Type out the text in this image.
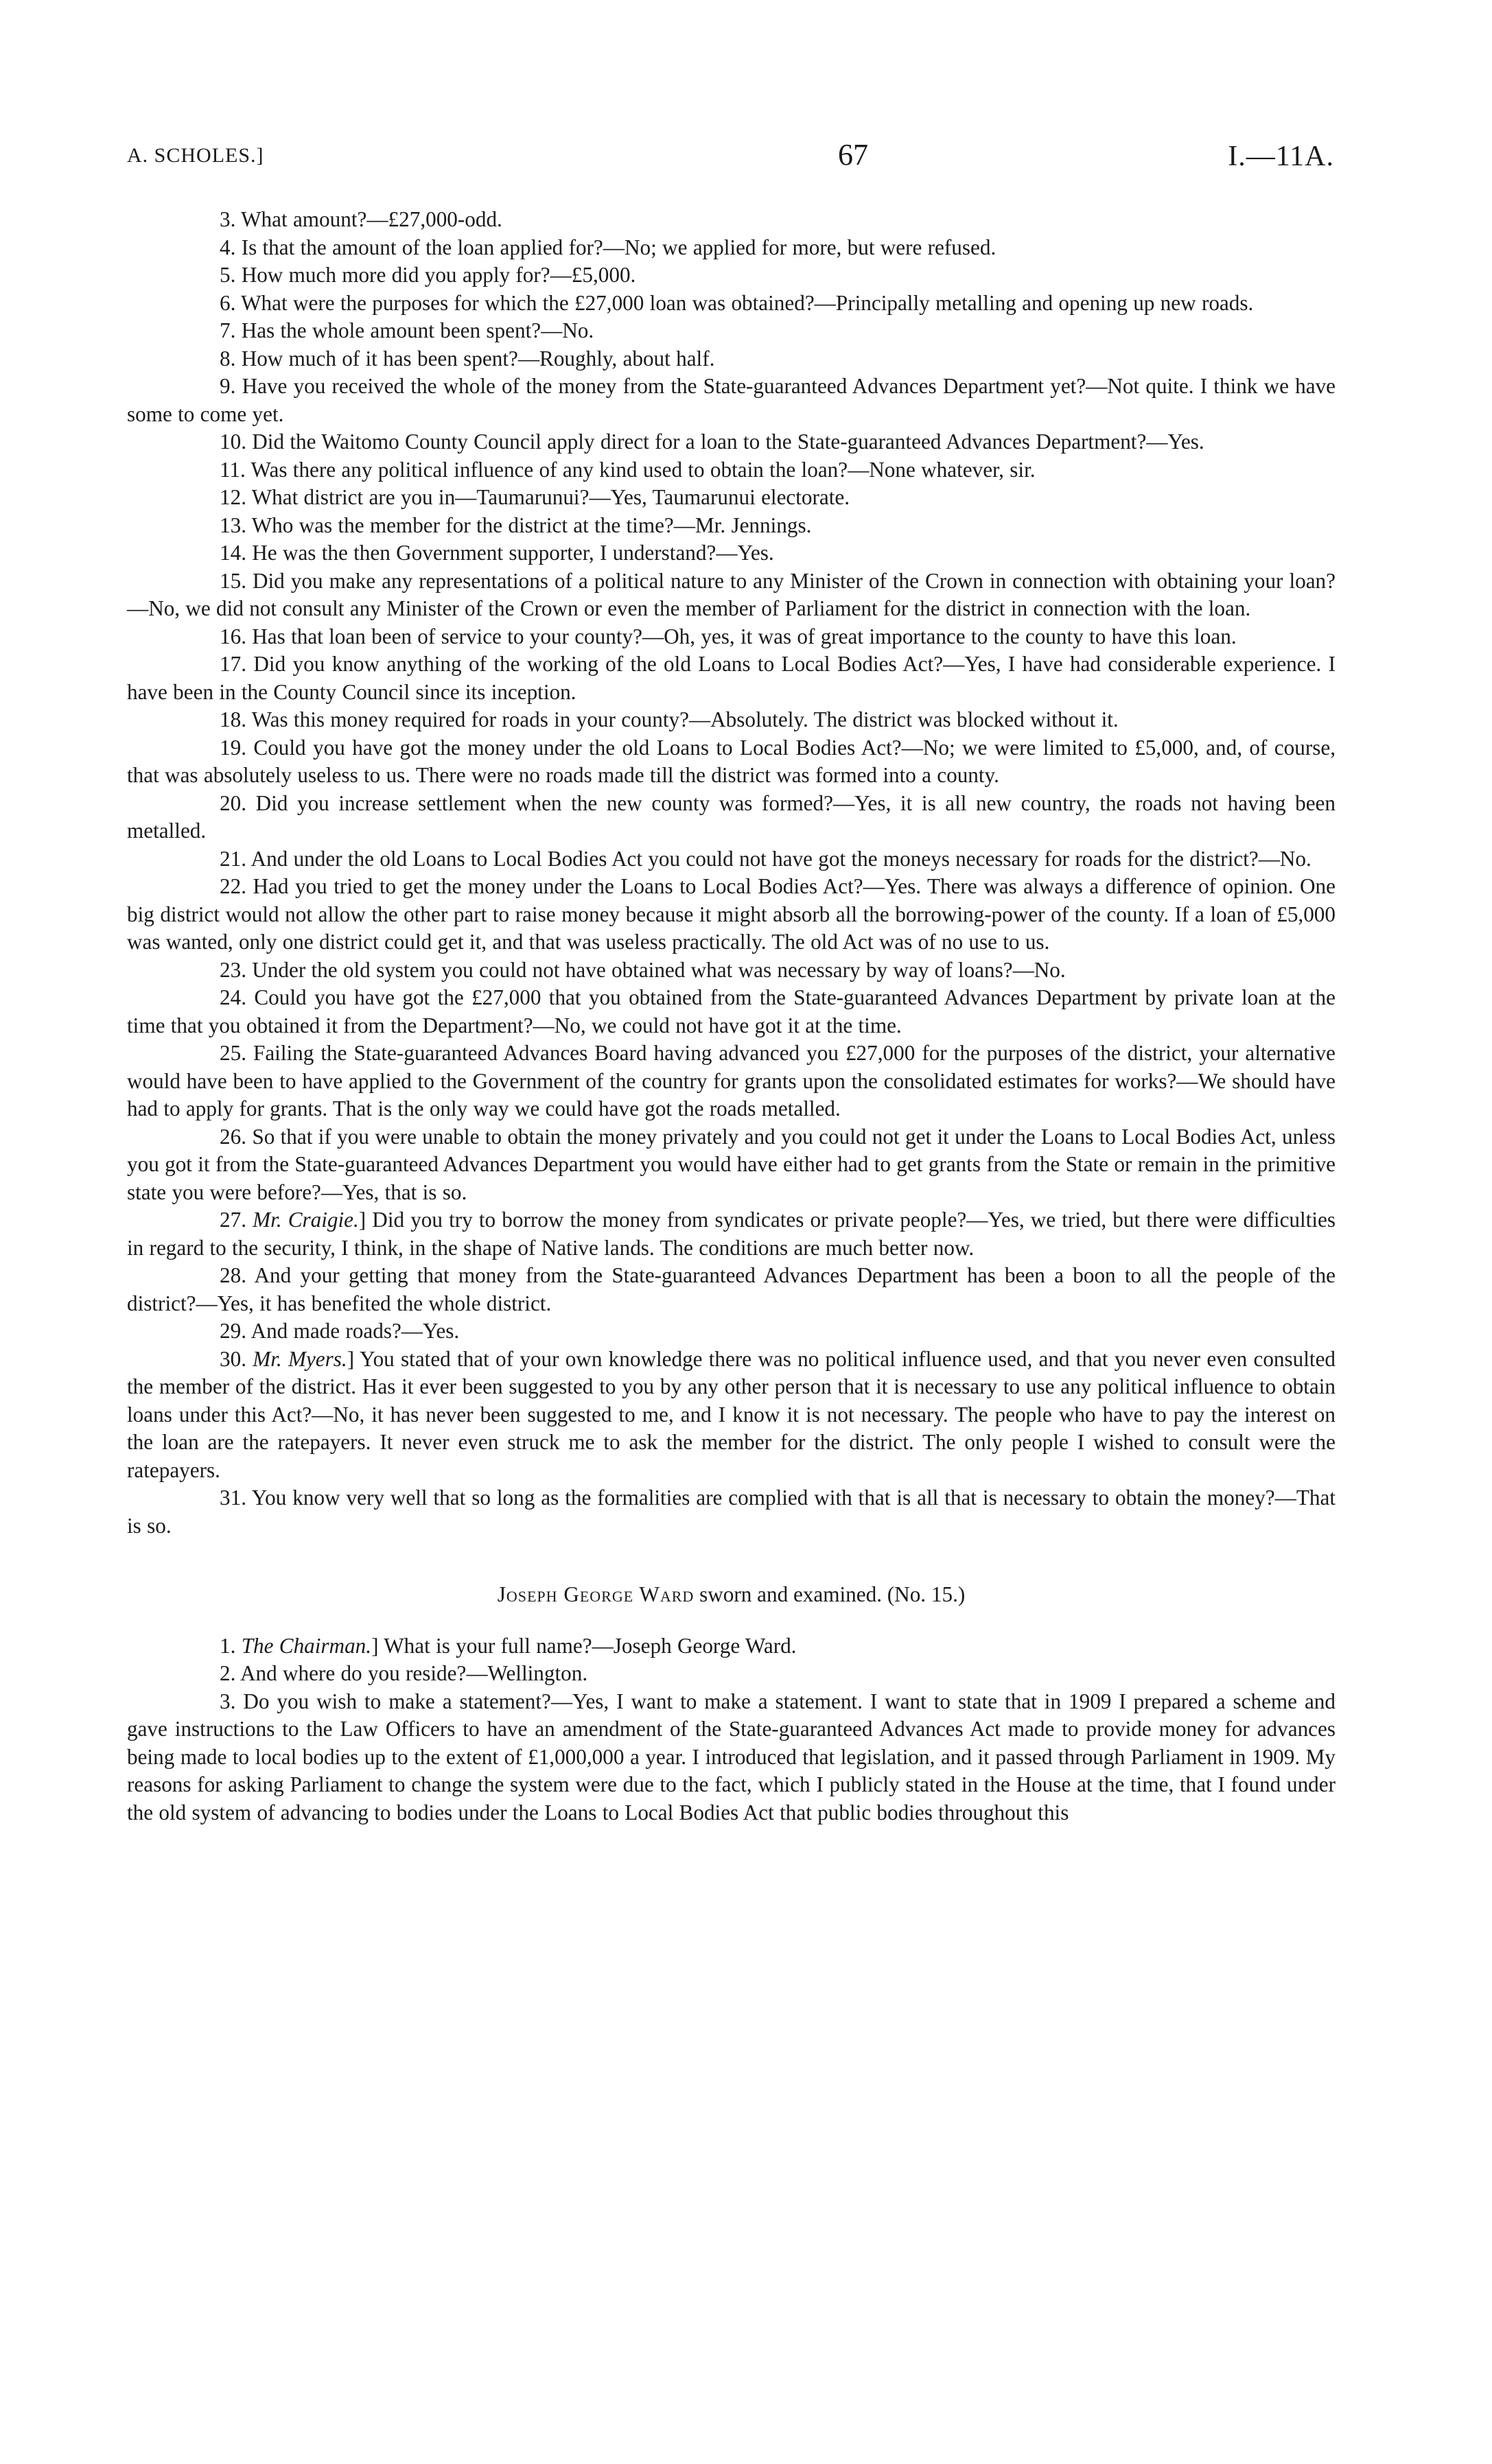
A. SCHOLES.]	67	I.—11A.

3. What amount?—£27,000-odd.

4. Is that the amount of the loan applied for?—No; we applied for more, but were refused.

5. How much more did you apply for?—£5,000.

6. What were the purposes for which the £27,000 loan was obtained?—Principally metalling and opening up new roads.

7. Has the whole amount been spent?—No.

8. How much of it has been spent?—Roughly, about half.

9. Have you received the whole of the money from the State-guaranteed Advances Department yet?—Not quite. I think we have some to come yet.

10. Did the Waitomo County Council apply direct for a loan to the State-guaranteed Advances Department?—Yes.

11. Was there any political influence of any kind used to obtain the loan?—None whatever, sir.

12. What district are you in—Taumarunui?—Yes, Taumarunui electorate.

13. Who was the member for the district at the time?—Mr. Jennings.

14. He was the then Government supporter, I understand?—Yes.

15. Did you make any representations of a political nature to any Minister of the Crown in connection with obtaining your loan?—No, we did not consult any Minister of the Crown or even the member of Parliament for the district in connection with the loan.

16. Has that loan been of service to your county?—Oh, yes, it was of great importance to the county to have this loan.

17. Did you know anything of the working of the old Loans to Local Bodies Act?—Yes, I have had considerable experience. I have been in the County Council since its inception.

18. Was this money required for roads in your county?—Absolutely. The district was blocked without it.

19. Could you have got the money under the old Loans to Local Bodies Act?—No; we were limited to £5,000, and, of course, that was absolutely useless to us. There were no roads made till the district was formed into a county.

20. Did you increase settlement when the new county was formed?—Yes, it is all new country, the roads not having been metalled.

21. And under the old Loans to Local Bodies Act you could not have got the moneys necessary for roads for the district?—No.

22. Had you tried to get the money under the Loans to Local Bodies Act?—Yes. There was always a difference of opinion. One big district would not allow the other part to raise money because it might absorb all the borrowing-power of the county. If a loan of £5,000 was wanted, only one district could get it, and that was useless practically. The old Act was of no use to us.

23. Under the old system you could not have obtained what was necessary by way of loans?—No.

24. Could you have got the £27,000 that you obtained from the State-guaranteed Advances Department by private loan at the time that you obtained it from the Department?—No, we could not have got it at the time.

25. Failing the State-guaranteed Advances Board having advanced you £27,000 for the purposes of the district, your alternative would have been to have applied to the Government of the country for grants upon the consolidated estimates for works?—We should have had to apply for grants. That is the only way we could have got the roads metalled.

26. So that if you were unable to obtain the money privately and you could not get it under the Loans to Local Bodies Act, unless you got it from the State-guaranteed Advances Department you would have either had to get grants from the State or remain in the primitive state you were before?—Yes, that is so.

27. Mr. Craigie.] Did you try to borrow the money from syndicates or private people?—Yes, we tried, but there were difficulties in regard to the security, I think, in the shape of Native lands. The conditions are much better now.

28. And your getting that money from the State-guaranteed Advances Department has been a boon to all the people of the district?—Yes, it has benefited the whole district.

29. And made roads?—Yes.

30. Mr. Myers.] You stated that of your own knowledge there was no political influence used, and that you never even consulted the member of the district. Has it ever been suggested to you by any other person that it is necessary to use any political influence to obtain loans under this Act?—No, it has never been suggested to me, and I know it is not necessary. The people who have to pay the interest on the loan are the ratepayers. It never even struck me to ask the member for the district. The only people I wished to consult were the ratepayers.

31. You know very well that so long as the formalities are complied with that is all that is necessary to obtain the money?—That is so.

Joseph George Ward sworn and examined. (No. 15.)

1. The Chairman.] What is your full name?—Joseph George Ward.

2. And where do you reside?—Wellington.

3. Do you wish to make a statement?—Yes, I want to make a statement. I want to state that in 1909 I prepared a scheme and gave instructions to the Law Officers to have an amendment of the State-guaranteed Advances Act made to provide money for advances being made to local bodies up to the extent of £1,000,000 a year. I introduced that legislation, and it passed through Parliament in 1909. My reasons for asking Parliament to change the system were due to the fact, which I publicly stated in the House at the time, that I found under the old system of advancing to bodies under the Loans to Local Bodies Act that public bodies throughout this
